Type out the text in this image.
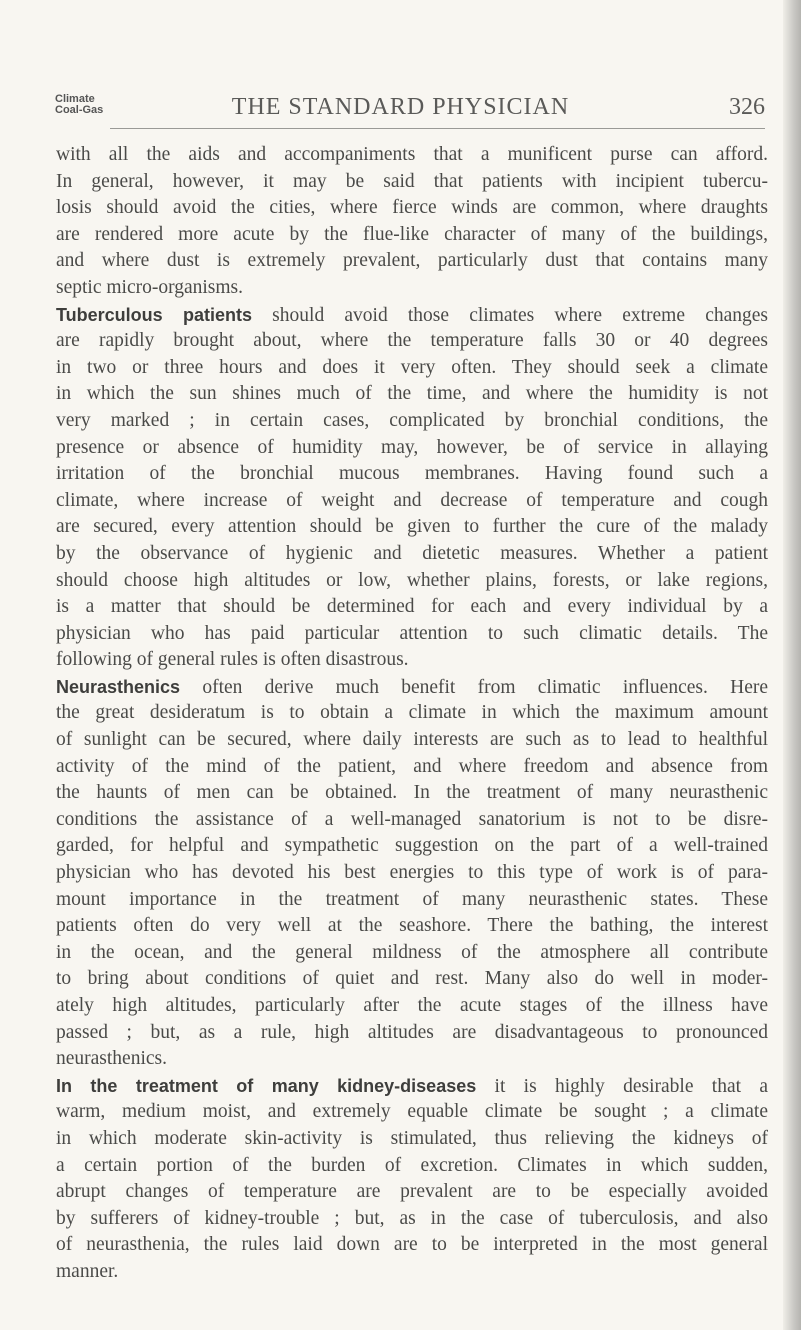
Climate
Coal-Gas	THE STANDARD PHYSICIAN	326
with all the aids and accompaniments that a munificent purse can afford.
In general, however, it may be said that patients with incipient tubercu-
losis should avoid the cities, where fierce winds are common, where draughts
are rendered more acute by the flue-like character of many of the buildings,
and where dust is extremely prevalent, particularly dust that contains many
septic micro-organisms.
Tuberculous patients should avoid those climates where extreme changes
are rapidly brought about, where the temperature falls 30 or 40 degrees
in two or three hours and does it very often. They should seek a climate
in which the sun shines much of the time, and where the humidity is not
very marked ; in certain cases, complicated by bronchial conditions, the
presence or absence of humidity may, however, be of service in allaying
irritation of the bronchial mucous membranes. Having found such a
climate, where increase of weight and decrease of temperature and cough
are secured, every attention should be given to further the cure of the malady
by the observance of hygienic and dietetic measures. Whether a patient
should choose high altitudes or low, whether plains, forests, or lake regions,
is a matter that should be determined for each and every individual by a
physician who has paid particular attention to such climatic details. The
following of general rules is often disastrous.
Neurasthenics often derive much benefit from climatic influences. Here
the great desideratum is to obtain a climate in which the maximum amount
of sunlight can be secured, where daily interests are such as to lead to healthful
activity of the mind of the patient, and where freedom and absence from
the haunts of men can be obtained. In the treatment of many neurasthenic
conditions the assistance of a well-managed sanatorium is not to be disre-
garded, for helpful and sympathetic suggestion on the part of a well-trained
physician who has devoted his best energies to this type of work is of para-
mount importance in the treatment of many neurasthenic states. These
patients often do very well at the seashore. There the bathing, the interest
in the ocean, and the general mildness of the atmosphere all contribute
to bring about conditions of quiet and rest. Many also do well in moder-
ately high altitudes, particularly after the acute stages of the illness have
passed ; but, as a rule, high altitudes are disadvantageous to pronounced
neurasthenics.
In the treatment of many kidney-diseases it is highly desirable that a
warm, medium moist, and extremely equable climate be sought ; a climate
in which moderate skin-activity is stimulated, thus relieving the kidneys of
a certain portion of the burden of excretion. Climates in which sudden,
abrupt changes of temperature are prevalent are to be especially avoided
by sufferers of kidney-trouble ; but, as in the case of tuberculosis, and also
of neurasthenia, the rules laid down are to be interpreted in the most general
manner.
